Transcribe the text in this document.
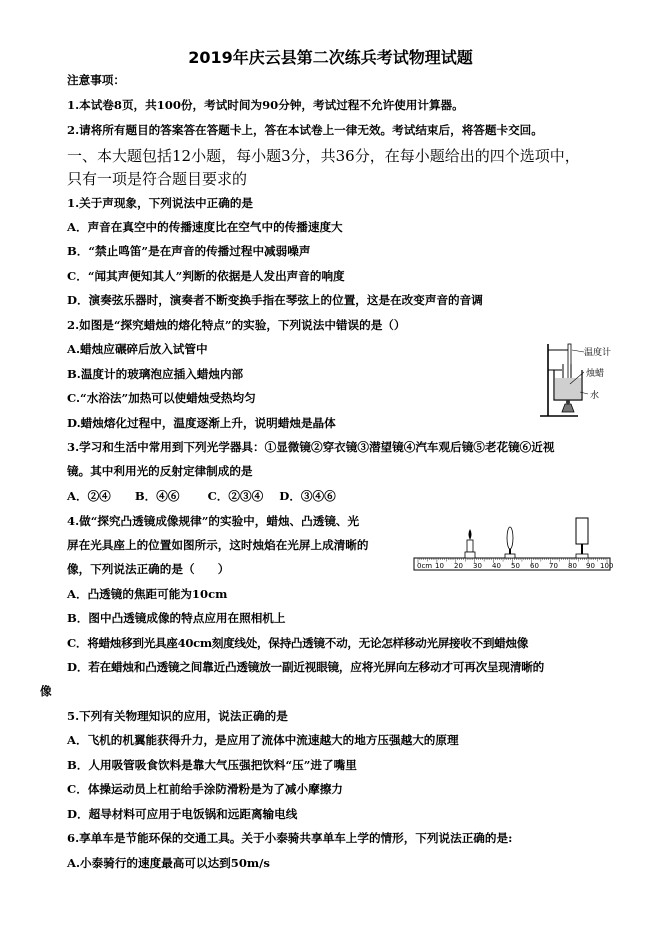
2019年庆云县第二次练兵考试物理试题
注意事项：
1.本试卷8页，共100份，考试时间为90分钟，考试过程不允许使用计算器。
2.请将所有题目的答案答在答题卡上，答在本试卷上一律无效。考试结束后，将答题卡交回。
一、本大题包括12小题，每小题3分，共36分，在每小题给出的四个选项中，
只有一项是符合题目要求的
1.关于声现象，下列说法中正确的是
A．声音在真空中的传播速度比在空气中的传播速度大
B．“禁止鸣笛”是在声音的传播过程中减弱噪声
C．“闻其声便知其人”判断的依据是人发出声音的响度
D．演奏弦乐器时，演奏者不断变换手指在琴弦上的位置，这是在改变声音的音调
2.如图是“探究蜡烛的熔化特点”的实验，下列说法中错误的是（）
A.蜡烛应碾碎后放入试管中
B.温度计的玻璃泡应插入蜡烛内部
C.“水浴法”加热可以使蜡烛受热均匀
D.蜡烛熔化过程中，温度逐渐上升，说明蜡烛是晶体
温度计
烛蜡
水
3.学习和生活中常用到下列光学器具：①显微镜②穿衣镜③潜望镜④汽车观后镜⑤老花镜⑥近视
镜。其中利用光的反射定律制成的是
A．②④ B．④⑥ C．②③④ D．③④⑥
4.做“探究凸透镜成像规律”的实验中，蜡烛、凸透镜、光
屏在光具座上的位置如图所示，这时烛焰在光屏上成清晰的
像，下列说法正确的是（　　）	0cm 10 20 30 40 50 60 70 80 90 100
A．凸透镜的焦距可能为10cm
B．图中凸透镜成像的特点应用在照相机上
C．将蜡烛移到光具座40cm刻度线处，保持凸透镜不动，无论怎样移动光屏接收不到蜡烛像
D．若在蜡烛和凸透镜之间靠近凸透镜放一副近视眼镜，应将光屏向左移动才可再次呈现清晰的
像
5.下列有关物理知识的应用，说法正确的是
A．飞机的机翼能获得升力，是应用了流体中流速越大的地方压强越大的原理
B．人用吸管吸食饮料是靠大气压强把饮料“压”进了嘴里
C．体操运动员上杠前给手涂防滑粉是为了减小摩擦力
D．超导材料可应用于电饭锅和远距离输电线
6.享单车是节能环保的交通工具。关于小泰骑共享单车上学的情形，下列说法正确的是:
A.小泰骑行的速度最高可以达到50m/s
